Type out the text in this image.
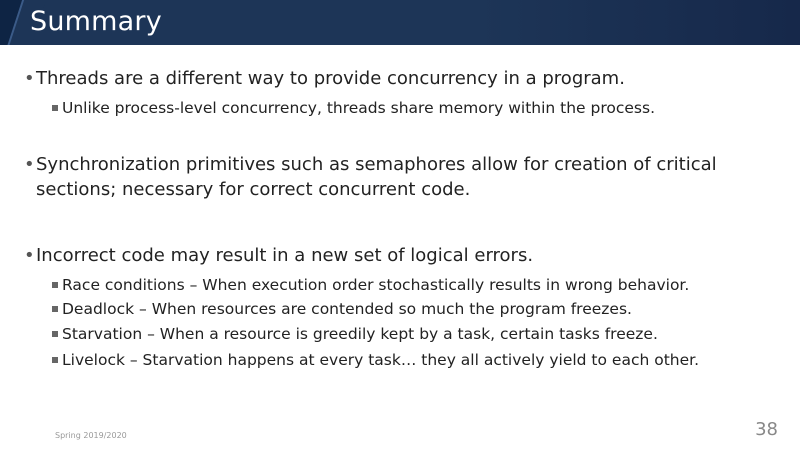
Summary
• Threads are a different way to provide concurrency in a program.
Unlike process-level concurrency, threads share memory within the process.
• Synchronization primitives such as semaphores allow for creation of critical
sections; necessary for correct concurrent code.
• Incorrect code may result in a new set of logical errors.
Race conditions – When execution order stochastically results in wrong behavior.
Deadlock – When resources are contended so much the program freezes.
Starvation – When a resource is greedily kept by a task, certain tasks freeze.
Livelock – Starvation happens at every task… they all actively yield to each other.
Spring 2019/2020	38
